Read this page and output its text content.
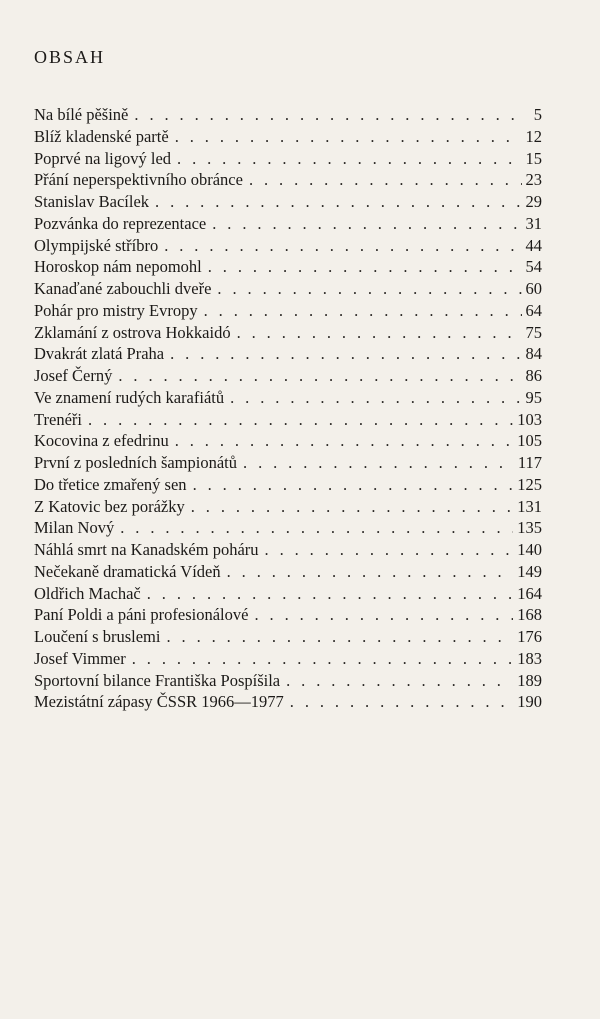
OBSAH
Na bílé pěšině . . .	5
Blíž kladenské partě . . .	12
Poprvé na ligový led . . .	15
Přání neperspektivního obránce . . .	23
Stanislav Bacílek . . .	29
Pozvánka do reprezentace . . .	31
Olympijské stříbro . . .	44
Horoskop nám nepomohl . . .	54
Kanaďané zabouchli dveře . . .	60
Pohár pro mistry Evropy . . .	64
Zklamání z ostrova Hokkaidó . . .	75
Dvakrát zlatá Praha . . .	84
Josef Černý . . .	86
Ve znamení rudých karafiátů . . .	95
Trenéři . . .	103
Kocovina z efedrinu . . .	105
První z posledních šampionátů . . .	117
Do třetice zmařený sen . . .	125
Z Katovic bez porážky . . .	131
Milan Nový . . .	135
Náhlá smrt na Kanadském poháru . . .	140
Nečekaně dramatická Vídeň . . .	149
Oldřich Machač . . .	164
Paní Poldi a páni profesionálové . . .	168
Loučení s bruslemi . . .	176
Josef Vimmer . . .	183
Sportovní bilance Františka Pospíšila . . .	189
Mezistátní zápasy ČSSR 1966—1977 . . .	190
